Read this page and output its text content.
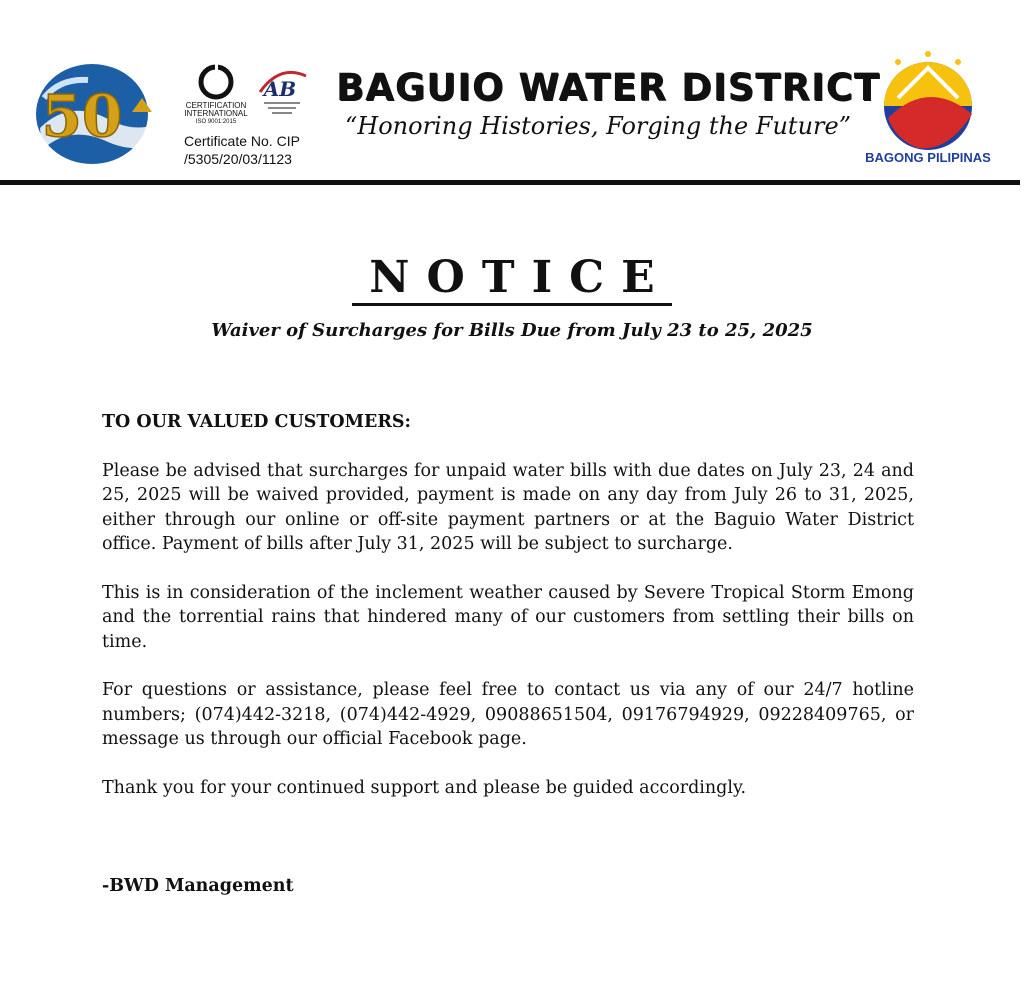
50	CERTIFICATION
INTERNATIONAL
ISO 9001:2015
AB
Certificate No. CIP
/5305/20/03/1123
BAGUIO WATER DISTRICT
“Honoring Histories, Forging the Future”
BAGONG PILIPINAS
NOTICE
Waiver of Surcharges for Bills Due from July 23 to 25, 2025
TO OUR VALUED CUSTOMERS:

Please be advised that surcharges for unpaid water bills with due dates on July 23, 24 and 25, 2025 will be waived provided, payment is made on any day from July 26 to 31, 2025, either through our online or off-site payment partners or at the Baguio Water District office. Payment of bills after July 31, 2025 will be subject to surcharge.

This is in consideration of the inclement weather caused by Severe Tropical Storm Emong and the torrential rains that hindered many of our customers from settling their bills on time.

For questions or assistance, please feel free to contact us via any of our 24/7 hotline numbers; (074)442-3218, (074)442-4929, 09088651504, 09176794929, 09228409765, or message us through our official Facebook page.

Thank you for your continued support and please be guided accordingly.

-BWD Management
